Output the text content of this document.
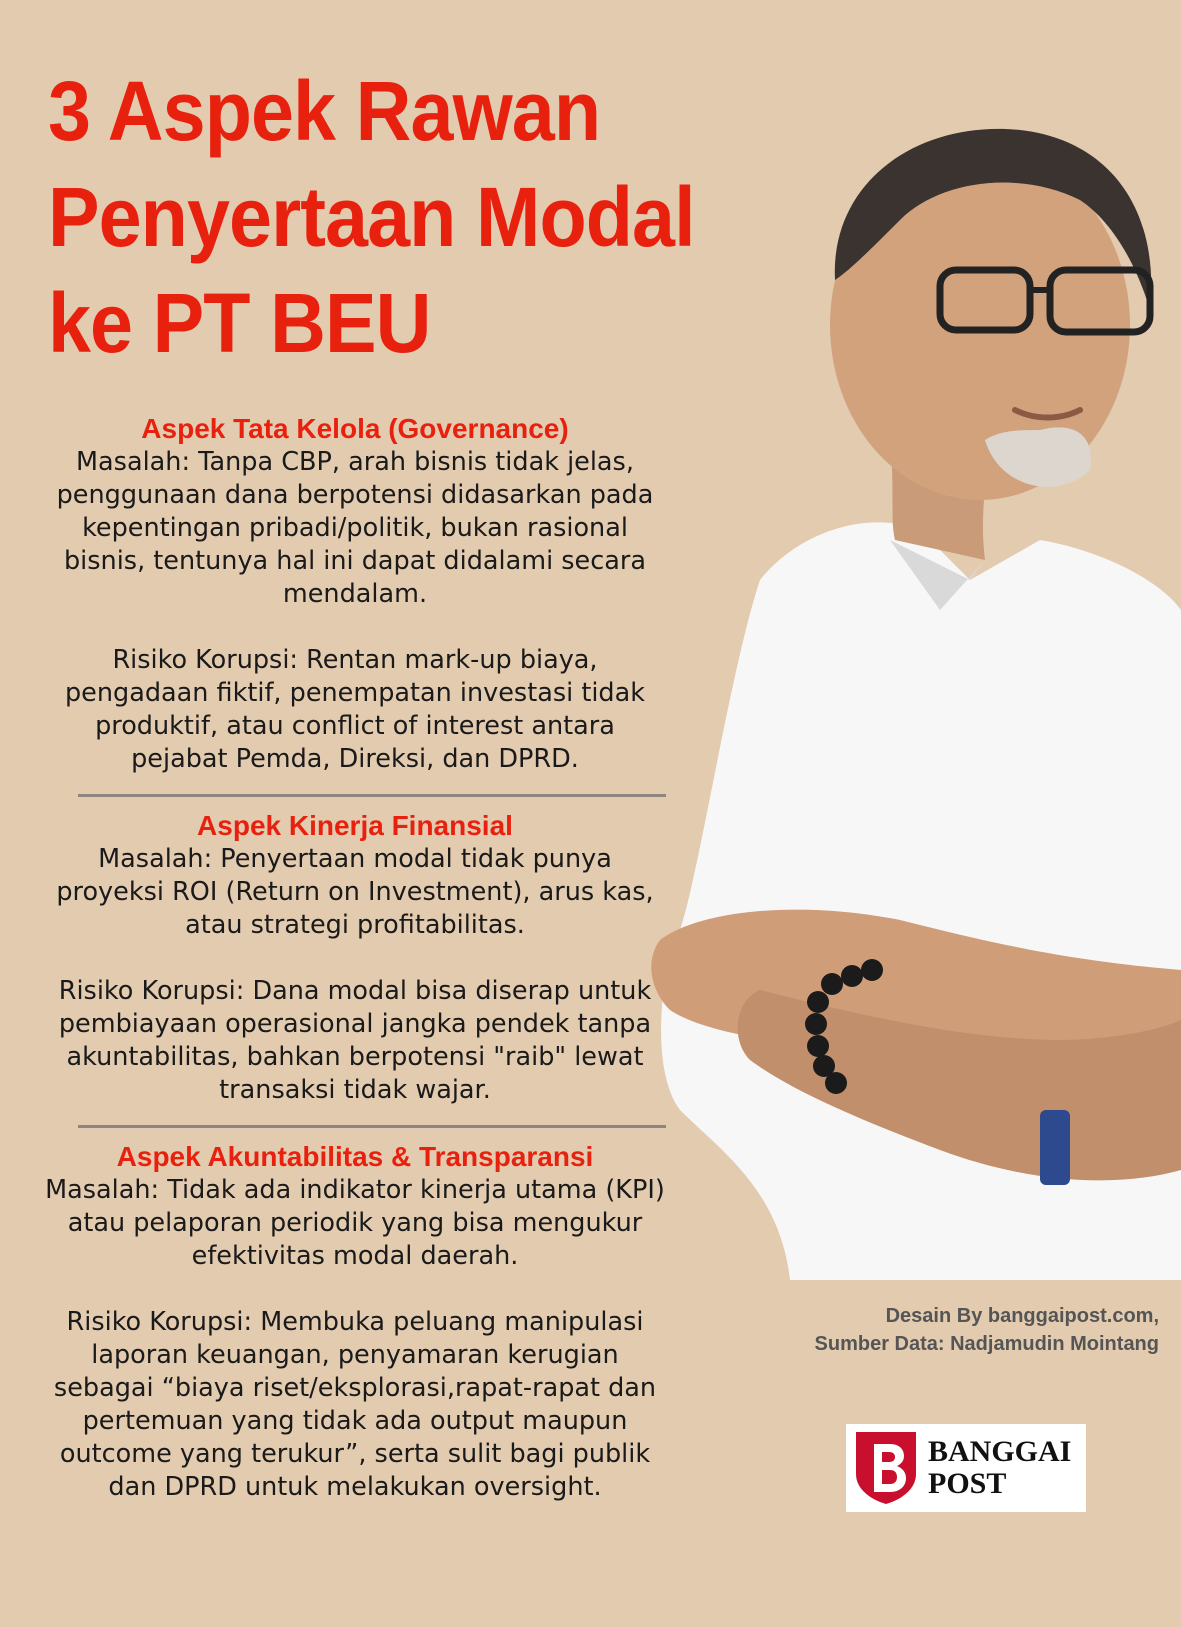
3 Aspek Rawan
Penyertaan Modal
ke PT BEU
Aspek Tata Kelola (Governance)

Masalah: Tanpa CBP, arah bisnis tidak jelas, penggunaan dana berpotensi didasarkan pada kepentingan pribadi/politik, bukan rasional bisnis, tentunya hal ini dapat didalami secara mendalam.

Risiko Korupsi: Rentan mark-up biaya, pengadaan fiktif, penempatan investasi tidak produktif, atau conflict of interest antara pejabat Pemda, Direksi, dan DPRD.

Aspek Kinerja Finansial

Masalah: Penyertaan modal tidak punya proyeksi ROI (Return on Investment), arus kas, atau strategi profitabilitas.

Risiko Korupsi: Dana modal bisa diserap untuk pembiayaan operasional jangka pendek tanpa akuntabilitas, bahkan berpotensi "raib" lewat transaksi tidak wajar.

Aspek Akuntabilitas & Transparansi

Masalah: Tidak ada indikator kinerja utama (KPI) atau pelaporan periodik yang bisa mengukur efektivitas modal daerah.

Risiko Korupsi: Membuka peluang manipulasi laporan keuangan, penyamaran kerugian sebagai “biaya riset/eksplorasi,rapat-rapat dan pertemuan yang tidak ada output maupun outcome yang terukur”, serta sulit bagi publik dan DPRD untuk melakukan oversight.

Desain By banggaipost.com,
Sumber Data: Nadjamudin Mointang
BANGGAI
POST
